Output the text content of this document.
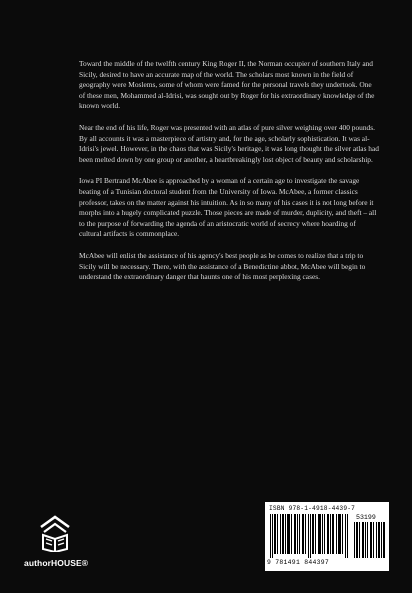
Toward the middle of the twelfth century King Roger II, the Norman occupier of southern Italy and Sicily, desired to have an accurate map of the world. The scholars most known in the field of geography were Moslems, some of whom were famed for the personal travels they undertook. One of these men, Mohammed al-Idrisi, was sought out by Roger for his extraordinary knowledge of the known world.

Near the end of his life, Roger was presented with an atlas of pure silver weighing over 400 pounds. By all accounts it was a masterpiece of artistry and, for the age, scholarly sophistication. It was al-Idrisi's jewel. However, in the chaos that was Sicily's heritage, it was long thought the silver atlas had been melted down by one group or another, a heartbreakingly lost object of beauty and scholarship.

Iowa PI Bertrand McAbee is approached by a woman of a certain age to investigate the savage beating of a Tunisian doctoral student from the University of Iowa. McAbee, a former classics professor, takes on the matter against his intuition. As in so many of his cases it is not long before it morphs into a hugely complicated puzzle. Those pieces are made of murder, duplicity, and theft – all to the purpose of forwarding the agenda of an aristocratic world of secrecy where hoarding of cultural artifacts is commonplace.

McAbee will enlist the assistance of his agency's best people as he comes to realize that a trip to Sicily will be necessary. There, with the assistance of a Benedictine abbot, McAbee will begin to understand the extraordinary danger that haunts one of his most perplexing cases.

authorHOUSE®
ISBN 978-1-4918-4439-7
53199
9 781491 844397
